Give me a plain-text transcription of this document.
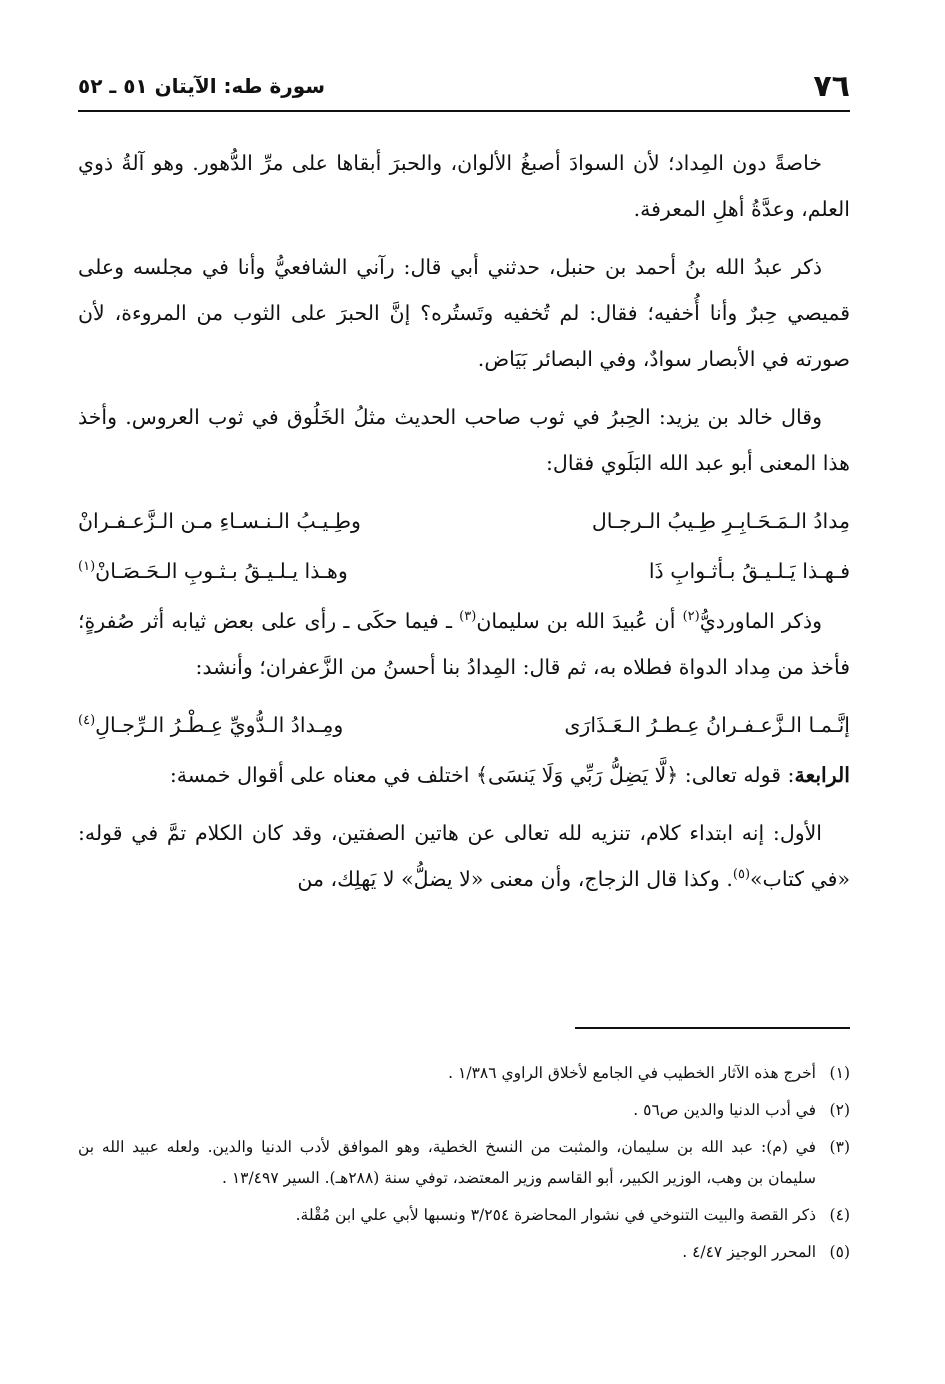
٧٦
سورة طه: الآيتان ٥١ ـ ٥٢

خاصةً دون المِداد؛ لأن السوادَ أصبغُ الألوان، والحبرَ أبقاها على مرِّ الدُّهور. وهو آلةُ ذوي العلم، وعدَّةُ أهلِ المعرفة.

ذكر عبدُ الله بنُ أحمد بن حنبل، حدثني أبي قال: رآني الشافعيُّ وأنا في مجلسه وعلى قميصي حِبرٌ وأنا أُخفيه؛ فقال: لم تُخفيه وتَستُره؟ إنَّ الحبرَ على الثوب من المروءة، لأن صورته في الأبصار سوادٌ، وفي البصائر بَيَاض.

وقال خالد بن يزيد: الحِبرُ في ثوب صاحب الحديث مثلُ الخَلُوق في ثوب العروس. وأخذ هذا المعنى أبو عبد الله البَلَوي فقال:

مِدادُ الـمَـحَـابِـرِ طِـيبُ الـرجـال
وطِـيـبُ الـنـسـاءِ مـن الـزَّعـفـرانْ
فـهـذا يَـلـيـقُ بـأثـوابِ ذَا
وهـذا يـلـيـقُ بـثـوبِ الـحَـصَـانْ(١)

وذكر الماورديُّ$^{(٢)}$ أن عُبيدَ الله بن سليمان$^{(٣)}$ ـ فيما حكَى ـ رأى على بعض ثيابه أثر صُفرةٍ؛ فأخذ من مِداد الدواة فطلاه به، ثم قال: المِدادُ بنا أحسنُ من الزَّعفران؛ وأنشد:

إنَّـمـا الـزَّعـفـرانُ عِـطـرُ الـعَـذَارَى
ومِـدادُ الـدُّويِّ عِـطْـرُ الـرِّجـالِ(٤)

الرابعة: قوله تعالى: ﴿لَّا يَضِلُّ رَبِّي وَلَا يَنسَى﴾ اختلف في معناه على أقوال خمسة:

الأول: إنه ابتداء كلام، تنزيه لله تعالى عن هاتين الصفتين، وقد كان الكلام تمَّ في قوله: «في كتاب»$^{(٥)}$. وكذا قال الزجاج، وأن معنى «لا يضلُّ» لا يَهلِك، من

(١)
أخرج هذه الآثار الخطيب في الجامع لأخلاق الراوي ١/٣٨٦ .
(٢)
في أدب الدنيا والدين ص٥٦ .
(٣)
في (م): عبد الله بن سليمان، والمثبت من النسخ الخطية، وهو الموافق لأدب الدنيا والدين. ولعله عبيد الله بن سليمان بن وهب، الوزير الكبير، أبو القاسم وزير المعتضد، توفي سنة (٢٨٨هـ). السير ١٣/٤٩٧ .
(٤)
ذكر القصة والبيت التنوخي في نشوار المحاضرة ٣/٢٥٤ ونسبها لأبي علي ابن مُقْلة.
(٥)
المحرر الوجيز ٤/٤٧ .
